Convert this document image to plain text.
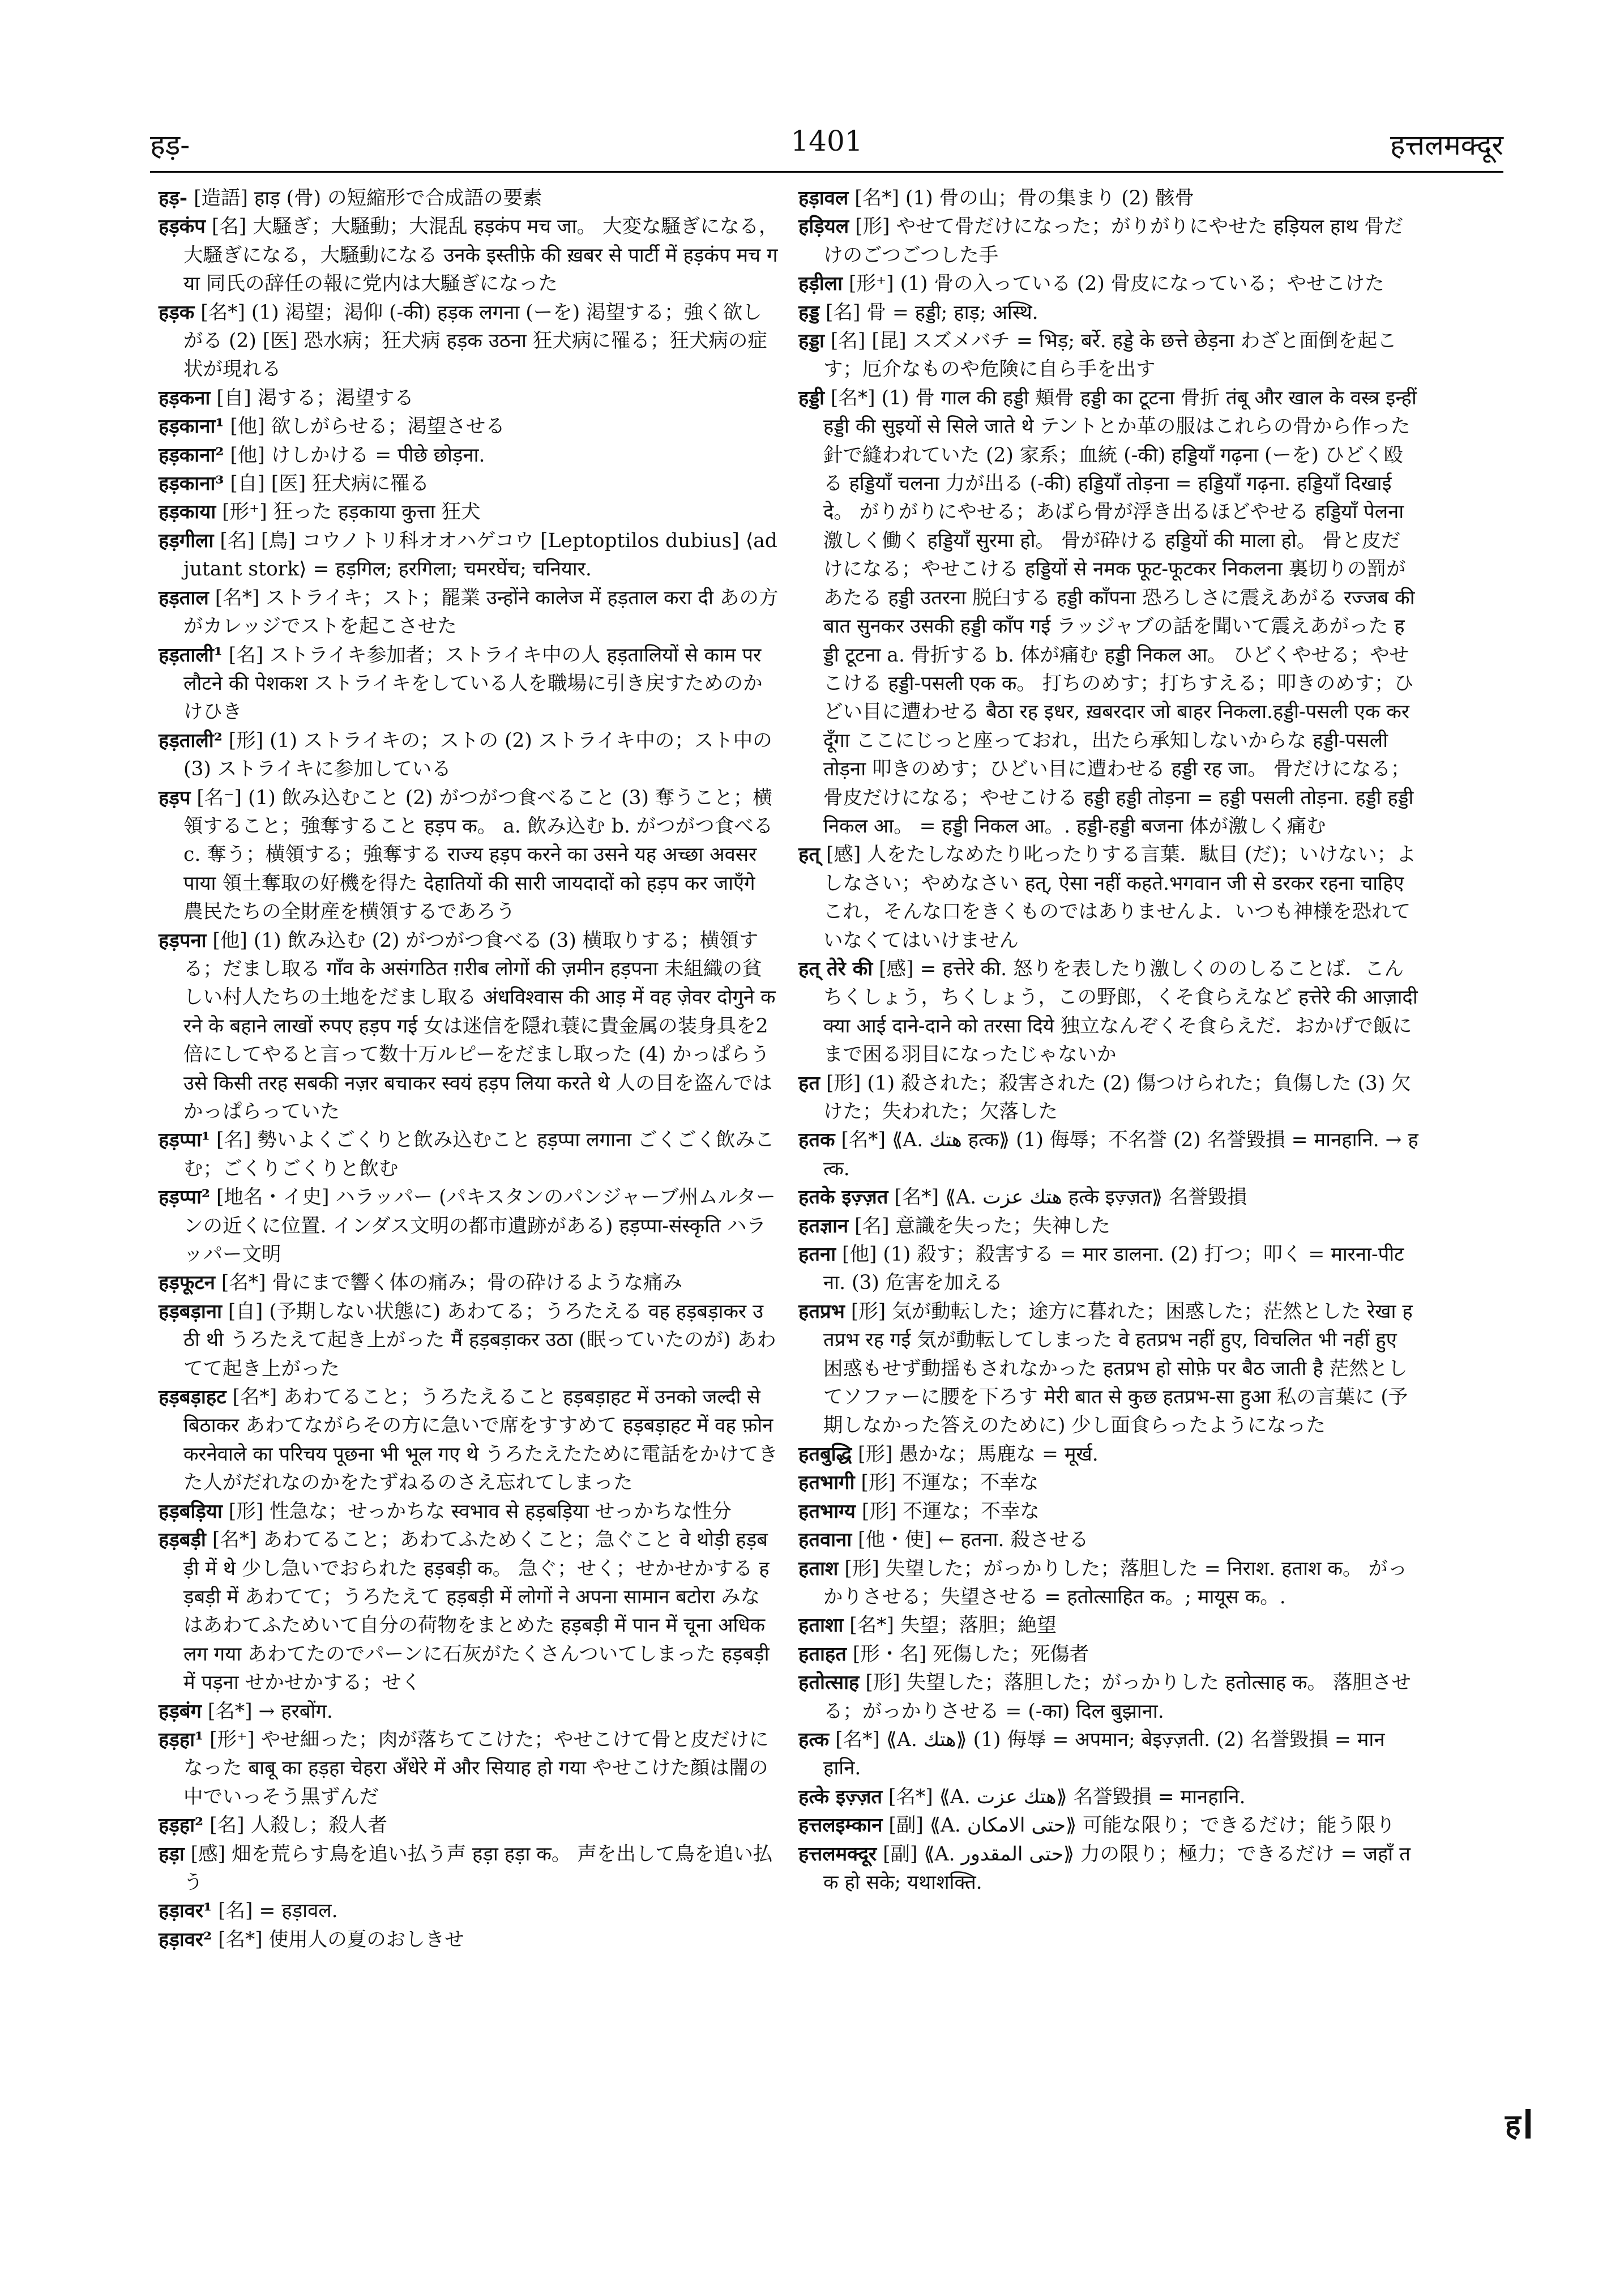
हड़-	1401	हत्तलमक्दूर

हड़- [造語] हाड़ (骨) の短縮形で合成語の要素

हड़कंप [名] 大騒ぎ；大騒動；大混乱 हड़कंप मच जा。 大変な騒ぎになる，大騒ぎになる，大騒動になる उनके इस्तीफ़े की ख़बर से पार्टी में हड़कंप मच गया 同氏の辞任の報に党内は大騒ぎになった

हड़क [名*] (1) 渇望；渇仰 (-की) हड़क लगना (ーを) 渇望する；強く欲しがる (2) [医] 恐水病；狂犬病 हड़क उठना 狂犬病に罹る；狂犬病の症状が現れる

हड़कना [自] 渇する；渇望する

हड़काना¹ [他] 欲しがらせる；渇望させる

हड़काना² [他] けしかける = पीछे छोड़ना.

हड़काना³ [自] [医] 狂犬病に罹る

हड़काया [形⁺] 狂った हड़काया कुत्ता 狂犬

हड़गीला [名] [鳥] コウノトリ科オオハゲコウ [Leptoptilos dubius] ⟨adjutant stork⟩ = हड़गिल; हरगिला; चमरघेंच; चनियार.

हड़ताल [名*] ストライキ；スト；罷業 उन्होंने कालेज में हड़ताल करा दी あの方がカレッジでストを起こさせた

हड़ताली¹ [名] ストライキ参加者；ストライキ中の人 हड़तालियों से काम पर लौटने की पेशकश ストライキをしている人を職場に引き戻すためのかけひき

हड़ताली² [形] (1) ストライキの；ストの (2) ストライキ中の；スト中の (3) ストライキに参加している

हड़प [名⁻] (1) 飲み込むこと (2) がつがつ食べること (3) 奪うこと；横領すること；強奪すること हड़प क。 a. 飲み込む b. がつがつ食べる c. 奪う；横領する；強奪する राज्य हड़प करने का उसने यह अच्छा अवसर पाया 領土奪取の好機を得た देहातियों की सारी जायदादों को हड़प कर जाएँगे 農民たちの全財産を横領するであろう

हड़पना [他] (1) 飲み込む (2) がつがつ食べる (3) 横取りする；横領する；だまし取る गाँव के असंगठित ग़रीब लोगों की ज़मीन हड़पना 未組織の貧しい村人たちの土地をだまし取る अंधविश्वास की आड़ में वह ज़ेवर दोगुने करने के बहाने लाखों रुपए हड़प गई 女は迷信を隠れ蓑に貴金属の装身具を2倍にしてやると言って数十万ルピーをだまし取った (4) かっぱらう उसे किसी तरह सबकी नज़र बचाकर स्वयं हड़प लिया करते थे 人の目を盗んではかっぱらっていた

हड़प्पा¹ [名] 勢いよくごくりと飲み込むこと हड़प्पा लगाना ごくごく飲みこむ；ごくりごくりと飲む

हड़प्पा² [地名・イ史] ハラッパー (パキスタンのパンジャーブ州ムルターンの近くに位置. インダス文明の都市遺跡がある) हड़प्पा-संस्कृति ハラッパー文明

हड़फूटन [名*] 骨にまで響く体の痛み；骨の砕けるような痛み

हड़बड़ाना [自] (予期しない状態に) あわてる；うろたえる वह हड़बड़ाकर उठी थी うろたえて起き上がった मैं हड़बड़ाकर उठा (眠っていたのが) あわてて起き上がった

हड़बड़ाहट [名*] あわてること；うろたえること हड़बड़ाहट में उनको जल्दी से बिठाकर あわてながらその方に急いで席をすすめて हड़बड़ाहट में वह फ़ोन करनेवाले का परिचय पूछना भी भूल गए थे うろたえたために電話をかけてきた人がだれなのかをたずねるのさえ忘れてしまった

हड़बड़िया [形] 性急な；せっかちな स्वभाव से हड़बड़िया せっかちな性分

हड़बड़ी [名*] あわてること；あわてふためくこと；急ぐこと वे थोड़ी हड़बड़ी में थे 少し急いでおられた हड़बड़ी क。 急ぐ；せく；せかせかする हड़बड़ी में あわてて；うろたえて हड़बड़ी में लोगों ने अपना सामान बटोरा みなはあわてふためいて自分の荷物をまとめた हड़बड़ी में पान में चूना अधिक लग गया あわてたのでパーンに石灰がたくさんついてしまった हड़बड़ी में पड़ना せかせかする；せく

हड़बंग [名*] → हरबोंग.

हड़हा¹ [形⁺] やせ細った；肉が落ちてこけた；やせこけて骨と皮だけになった बाबू का हड़हा चेहरा अँधेरे में और सियाह हो गया やせこけた顔は闇の中でいっそう黒ずんだ

हड़हा² [名] 人殺し；殺人者

हड़ा [感] 畑を荒らす鳥を追い払う声 हड़ा हड़ा क。 声を出して鳥を追い払う

हड़ावर¹ [名] = हड़ावल.

हड़ावर² [名*] 使用人の夏のおしきせ

हड़ावल [名*] (1) 骨の山；骨の集まり (2) 骸骨

हड़ियल [形] やせて骨だけになった；がりがりにやせた हड़ियल हाथ 骨だけのごつごつした手

हड़ीला [形⁺] (1) 骨の入っている (2) 骨皮になっている；やせこけた

हड्ड [名] 骨 = हड्डी; हाड़; अस्थि.

हड्डा [名] [昆] スズメバチ = भिड़; बर्रे. हड्डे के छत्ते छेड़ना わざと面倒を起こす；厄介なものや危険に自ら手を出す

हड्डी [名*] (1) 骨 गाल की हड्डी 頬骨 हड्डी का टूटना 骨折 तंबू और खाल के वस्त्र इन्हीं हड्डी की सुइयों से सिले जाते थे テントとか革の服はこれらの骨から作った針で縫われていた (2) 家系；血統 (-की) हड्डियाँ गढ़ना (ーを) ひどく殴る हड्डियाँ चलना 力が出る (-की) हड्डियाँ तोड़ना = हड्डियाँ गढ़ना. हड्डियाँ दिखाई दे。 がりがりにやせる；あばら骨が浮き出るほどやせる हड्डियाँ पेलना 激しく働く हड्डियाँ सुरमा हो。 骨が砕ける हड्डियों की माला हो。 骨と皮だけになる；やせこける हड्डियों से नमक फूट-फूटकर निकलना 裏切りの罰があたる हड्डी उतरना 脱臼する हड्डी काँपना 恐ろしさに震えあがる रज्जब की बात सुनकर उसकी हड्डी काँप गई ラッジャブの話を聞いて震えあがった हड्डी टूटना a. 骨折する b. 体が痛む हड्डी निकल आ。 ひどくやせる；やせこける हड्डी-पसली एक क。 打ちのめす；打ちすえる；叩きのめす；ひどい目に遭わせる बैठा रह इधर, ख़बरदार जो बाहर निकला.हड्डी-पसली एक कर दूँगा ここにじっと座っておれ，出たら承知しないからな हड्डी-पसली तोड़ना 叩きのめす；ひどい目に遭わせる हड्डी रह जा。 骨だけになる；骨皮だけになる；やせこける हड्डी हड्डी तोड़ना = हड्डी पसली तोड़ना. हड्डी हड्डी निकल आ。 = हड्डी निकल आ。. हड्डी-हड्डी बजना 体が激しく痛む

हत् [感] 人をたしなめたり叱ったりする言葉．駄目 (だ)；いけない；よしなさい；やめなさい हत्, ऐसा नहीं कहते.भगवान जी से डरकर रहना चाहिए これ，そんな口をきくものではありませんよ．いつも神様を恐れていなくてはいけません

हत् तेरे की [感] = हत्तेरे की. 怒りを表したり激しくののしることば．こんちくしょう，ちくしょう，この野郎，くそ食らえなど हत्तेरे की आज़ादी क्या आई दाने-दाने को तरसा दिये 独立なんぞくそ食らえだ．おかげで飯にまで困る羽目になったじゃないか

हत [形] (1) 殺された；殺害された (2) 傷つけられた；負傷した (3) 欠けた；失われた；欠落した

हतक [名*] ⟪A. هتك हत्क⟫ (1) 侮辱；不名誉 (2) 名誉毀損 = मानहानि. → हत्क.

हतके इज़्ज़त [名*] ⟪A. هتك عزت हत्के इज़्ज़त⟫ 名誉毀損

हतज्ञान [名] 意識を失った；失神した

हतना [他] (1) 殺す；殺害する = मार डालना. (2) 打つ；叩く = मारना-पीटना. (3) 危害を加える

हतप्रभ [形] 気が動転した；途方に暮れた；困惑した；茫然とした रेखा हतप्रभ रह गई 気が動転してしまった वे हतप्रभ नहीं हुए, विचलित भी नहीं हुए 困惑もせず動揺もされなかった हतप्रभ हो सोफ़े पर बैठ जाती है 茫然としてソファーに腰を下ろす मेरी बात से कुछ हतप्रभ-सा हुआ 私の言葉に (予期しなかった答えのために) 少し面食らったようになった

हतबुद्धि [形] 愚かな；馬鹿な = मूर्ख.

हतभागी [形] 不運な；不幸な

हतभाग्य [形] 不運な；不幸な

हतवाना [他・使] ← हतना. 殺させる

हताश [形] 失望した；がっかりした；落胆した = निराश. हताश क。 がっかりさせる；失望させる = हतोत्साहित क。; मायूस क。.

हताशा [名*] 失望；落胆；絶望

हताहत [形・名] 死傷した；死傷者

हतोत्साह [形] 失望した；落胆した；がっかりした हतोत्साह क。 落胆させる；がっかりさせる = (-का) दिल बुझाना.

हत्क [名*] ⟪A. هتك⟫ (1) 侮辱 = अपमान; बेइज़्ज़ती. (2) 名誉毀損 = मानहानि.

हत्के इज़्ज़त [名*] ⟪A. هتك عزت⟫ 名誉毀損 = मानहानि.

हत्तलइम्कान [副] ⟪A. حتى الامكان⟫ 可能な限り；できるだけ；能う限り

हत्तलमक्दूर [副] ⟪A. حتى المقدور⟫ 力の限り；極力；できるだけ = जहाँ तक हो सके; यथाशक्ति.

ह
